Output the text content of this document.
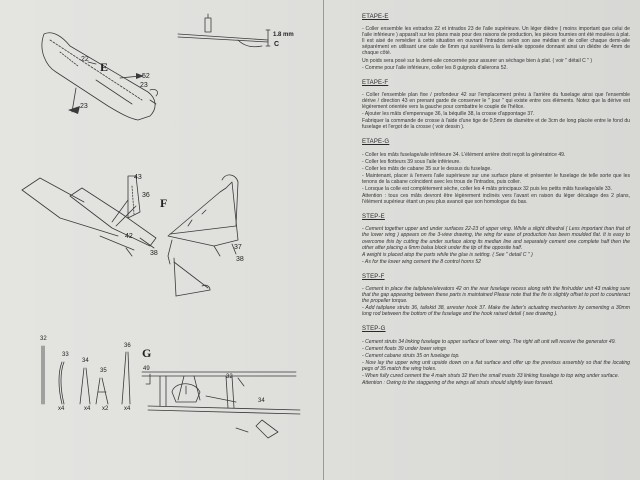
E
22
23
52
23
C
1.8 mm
F
43
36
42
38
37
38
G
32
33
34
35
36
49
32
34
x4	x4 x2	x4
ETAPE-E

- Coller ensemble les extrados 22 et intrados 23 de l'aile supérieure. Un léger dièdre ( moins important que celui de l'aile inférieure ) apparaît sur les plans mais pour des raisons de production, les pièces fournies ont été moulées à plat. Il est aisé de remédier à cette situation en ouvrant l'intrados selon son axe médian et de coller chaque demi-aile séparément en utilisant une cale de 6mm qui surélèvera la demi-aile opposée donnant ainsi un dièdre de 4mm de chaque côté.

Un poids sera posé sur la demi-aile concernée pour assurer un séchage bien à plat. ( voir " détail C " )

- Comme pour l'aile inférieure, coller les 8 guignols d'ailerons 52.

ETAPE-F

- Coller l'ensemble plan fixe / profondeur 42 sur l'emplacement prévu à l'arrière du fuselage ainsi que l'ensemble dérive / direction 43 en prenant garde de conserver le " jour " qui existe entre ces éléments. Notez que la dérive est légèrement orientée vers la gauche pour combattre le couple de l'hélice.

- Ajouter les mâts d'empennage 36, la béquille 38, la crosse d'appontage 37.

Fabriquer la commande de crosse à l'aide d'une tige de 0,5mm de diamètre et de 3cm de long placée entre le fond du fuselage et l'ergot de la crosse ( voir dessin ).

ETAPE-G

- Coller les mâts fuselage/aile inférieure 34. L'élément arrière droit reçoit la génératrice 49.

- Coller les flotteurs 39 sous l'aile inférieure.

- Coller les mâts de cabane 35 sur le dessus du fuselage.

- Maintenant, placer à l'envers l'aile supérieure sur une surface plane et présenter le fuselage de telle sorte que les tenons de la cabane coïncident avec les trous de l'intrados, puis coller.

- Lorsque la colle est complètement sèche, coller les 4 mâts principaux 32 puis les petits mâts fuselage/aile 33.

Attention : tous ces mâts devront être légèrement inclinés vers l'avant en raison du léger décalage des 2 plans, l'élément supérieur étant un peu plus avancé que son homologue du bas.

STEP-E

- Cement together upper and under surfaces 22-23 of upper wing. While a slight dihedral ( Less important than that of the lower wing ) appears on the 3-view drawing, the wing for ease of production has been moulded flat. It is easy to overcome this by cutting the under surface along its median line and separately cement one complete half then the other after placing a 6mm balsa block under the tip of the opposite half.

A weight is placed atop the parts while the glue is setting. ( See " detail C " )

- As for the lower wing cement the 8 control horns 52

STEP-F

- Cement in place the tailplane/elevators 42 on the rear fuselage recess along with the fin/rudder unit 43 making sure that the gap appearing between these parts is maintained Please note that the fin is slightly offset to port to counteract the propeller torque.

- Add tailplane struts 36, tailskid 38, arrester hook 37. Make the latter's actuating mechanism by cementing a 30mm long rod between the bottom of the fuselage and the hook raised detail ( see drawing ).

STEP-G

- Cement struts 34 linking fuselage to upper surface of lower wing. The right aft unit will receive the generator 49.

- Cement floats 39 under lower wings

- Cement cabane struts 35 on fuselage top.

- Now lay the upper wing unit upside down on a flat surface and offer up the previous assembly so that the locating pegs of 35 match the wing holes.

- When fully cured cement the 4 main struts 32 then the small masts 33 linking fuselage to top wing under surface.

Attention : Owing to the staggering of the wings all struts should slightly lean forward.
